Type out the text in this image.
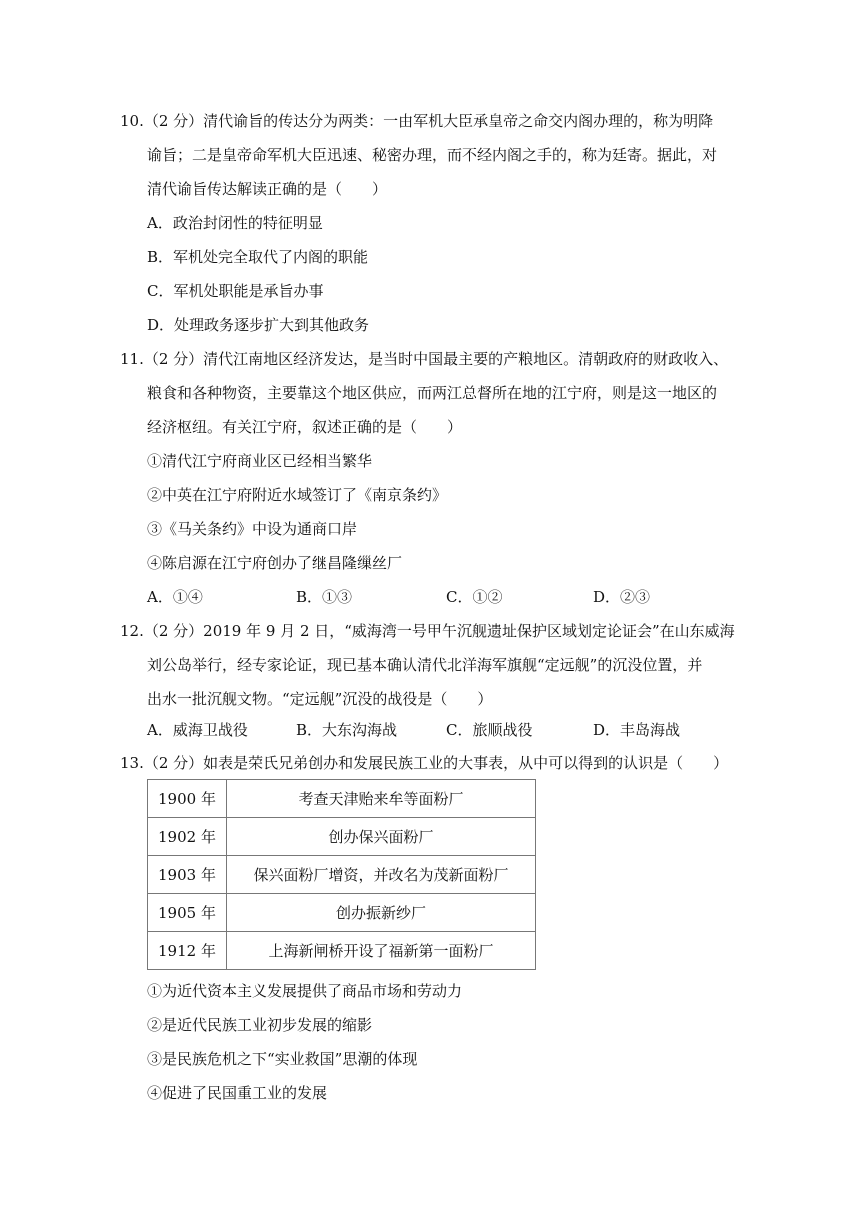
10.（2 分）清代谕旨的传达分为两类：一由军机大臣承皇帝之命交内阁办理的，称为明降
谕旨；二是皇帝命军机大臣迅速、秘密办理，而不经内阁之手的，称为廷寄。据此，对
清代谕旨传达解读正确的是（　　）
A．政治封闭性的特征明显
B．军机处完全取代了内阁的职能
C．军机处职能是承旨办事
D．处理政务逐步扩大到其他政务
11.（2 分）清代江南地区经济发达，是当时中国最主要的产粮地区。清朝政府的财政收入、
粮食和各种物资，主要靠这个地区供应，而两江总督所在地的江宁府，则是这一地区的
经济枢纽。有关江宁府，叙述正确的是（　　）
①清代江宁府商业区已经相当繁华
②中英在江宁府附近水域签订了《南京条约》
③《马关条约》中设为通商口岸
④陈启源在江宁府创办了继昌隆缫丝厂
A．①④	B．①③	C．①②	D．②③
12.（2 分）2019 年 9 月 2 日，“威海湾一号甲午沉舰遗址保护区域划定论证会”在山东威海
刘公岛举行，经专家论证，现已基本确认清代北洋海军旗舰“定远舰”的沉没位置，并
出水一批沉舰文物。“定远舰”沉没的战役是（　　）
A．威海卫战役	B．大东沟海战	C．旅顺战役	D．丰岛海战
13.（2 分）如表是荣氏兄弟创办和发展民族工业的大事表，从中可以得到的认识是（　　）
1900 年	考查天津贻来牟等面粉厂
1902 年	创办保兴面粉厂
1903 年	保兴面粉厂增资，并改名为茂新面粉厂
1905 年	创办振新纱厂
1912 年	上海新闸桥开设了福新第一面粉厂
①为近代资本主义发展提供了商品市场和劳动力
②是近代民族工业初步发展的缩影
③是民族危机之下“实业救国”思潮的体现
④促进了民国重工业的发展
